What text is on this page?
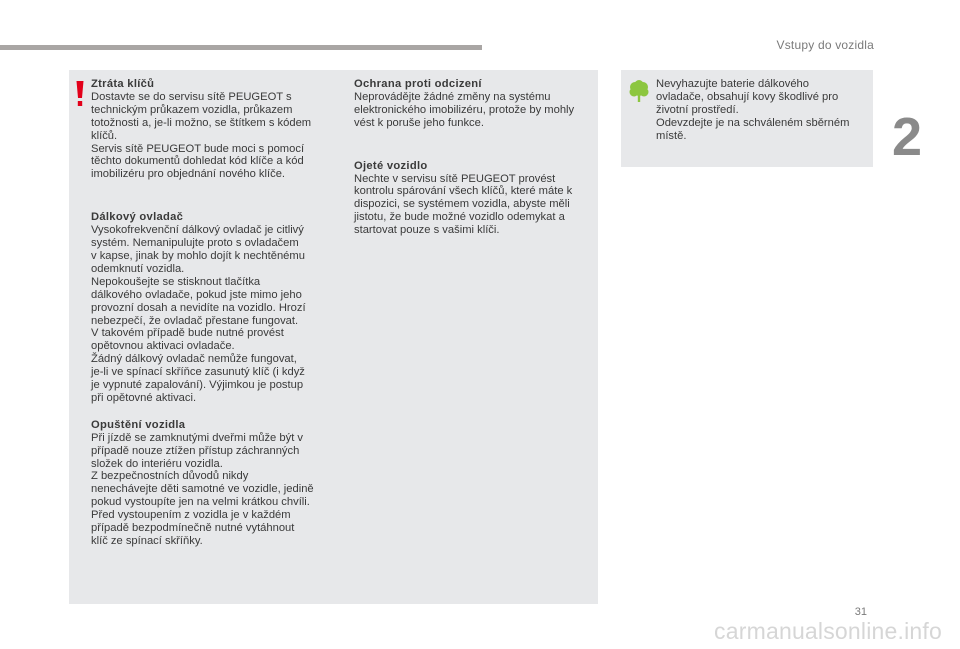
Vstupy do vozidla
2
Ztráta klíčů

Dostavte se do servisu sítě PEUGEOT s
technickým průkazem vozidla, průkazem
totožnosti a, je-li možno, se štítkem s kódem
klíčů.
Servis sítě PEUGEOT bude moci s pomocí
těchto dokumentů dohledat kód klíče a kód
imobilizéru pro objednání nového klíče.

Dálkový ovladač

Vysokofrekvenční dálkový ovladač je citlivý
systém. Nemanipulujte proto s ovladačem
v kapse, jinak by mohlo dojít k nechtěnému
odemknutí vozidla.
Nepokoušejte se stisknout tlačítka
dálkového ovladače, pokud jste mimo jeho
provozní dosah a nevidíte na vozidlo. Hrozí
nebezpečí, že ovladač přestane fungovat.
V takovém případě bude nutné provést
opětovnou aktivaci ovladače.
Žádný dálkový ovladač nemůže fungovat,
je-li ve spínací skříňce zasunutý klíč (i když
je vypnuté zapalování). Výjimkou je postup
při opětovné aktivaci.

Opuštění vozidla

Při jízdě se zamknutými dveřmi může být v
případě nouze ztížen přístup záchranných
složek do interiéru vozidla.
Z bezpečnostních důvodů nikdy
nenechávejte děti samotné ve vozidle, jedině
pokud vystoupíte jen na velmi krátkou chvíli.
Před vystoupením z vozidla je v každém
případě bezpodmínečně nutné vytáhnout
klíč ze spínací skříňky.

Ochrana proti odcizení

Neprovádějte žádné změny na systému
elektronického imobilizéru, protože by mohly
vést k poruše jeho funkce.

Ojeté vozidlo

Nechte v servisu sítě PEUGEOT provést
kontrolu spárování všech klíčů, které máte k
dispozici, se systémem vozidla, abyste měli
jistotu, že bude možné vozidlo odemykat a
startovat pouze s vašimi klíči.

Nevyhazujte baterie dálkového
ovladače, obsahují kovy škodlivé pro
životní prostředí.
Odevzdejte je na schváleném sběrném
místě.

31
carmanualsonline.info
